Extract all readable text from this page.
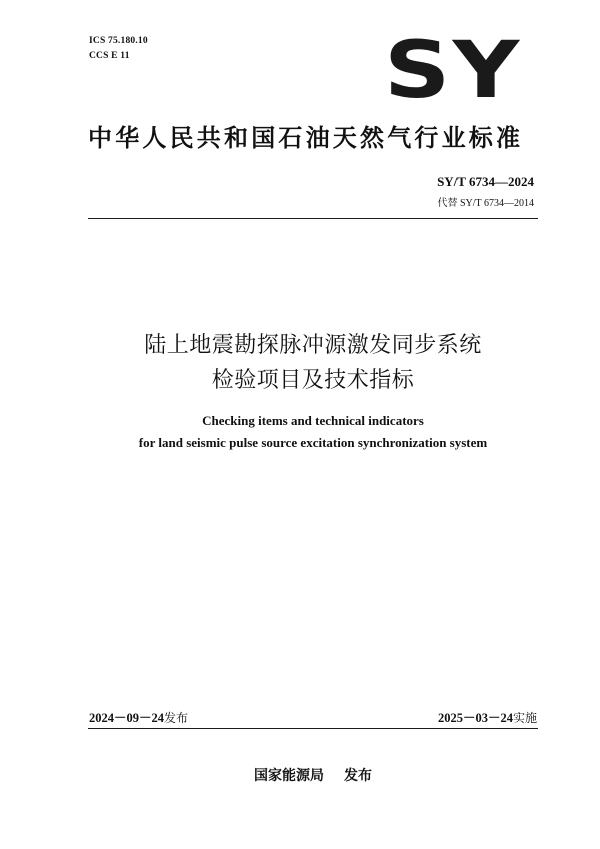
ICS 75.180.10
CCS E 11	SY
中华人民共和国石油天然气行业标准
SY/T 6734—2024
代替 SY/T 6734—2014
陆上地震勘探脉冲源激发同步系统
检验项目及技术指标
Checking items and technical indicators
for land seismic pulse source excitation synchronization system
2024－09－24发布	2025－03－24实施
国家能源局 发布
